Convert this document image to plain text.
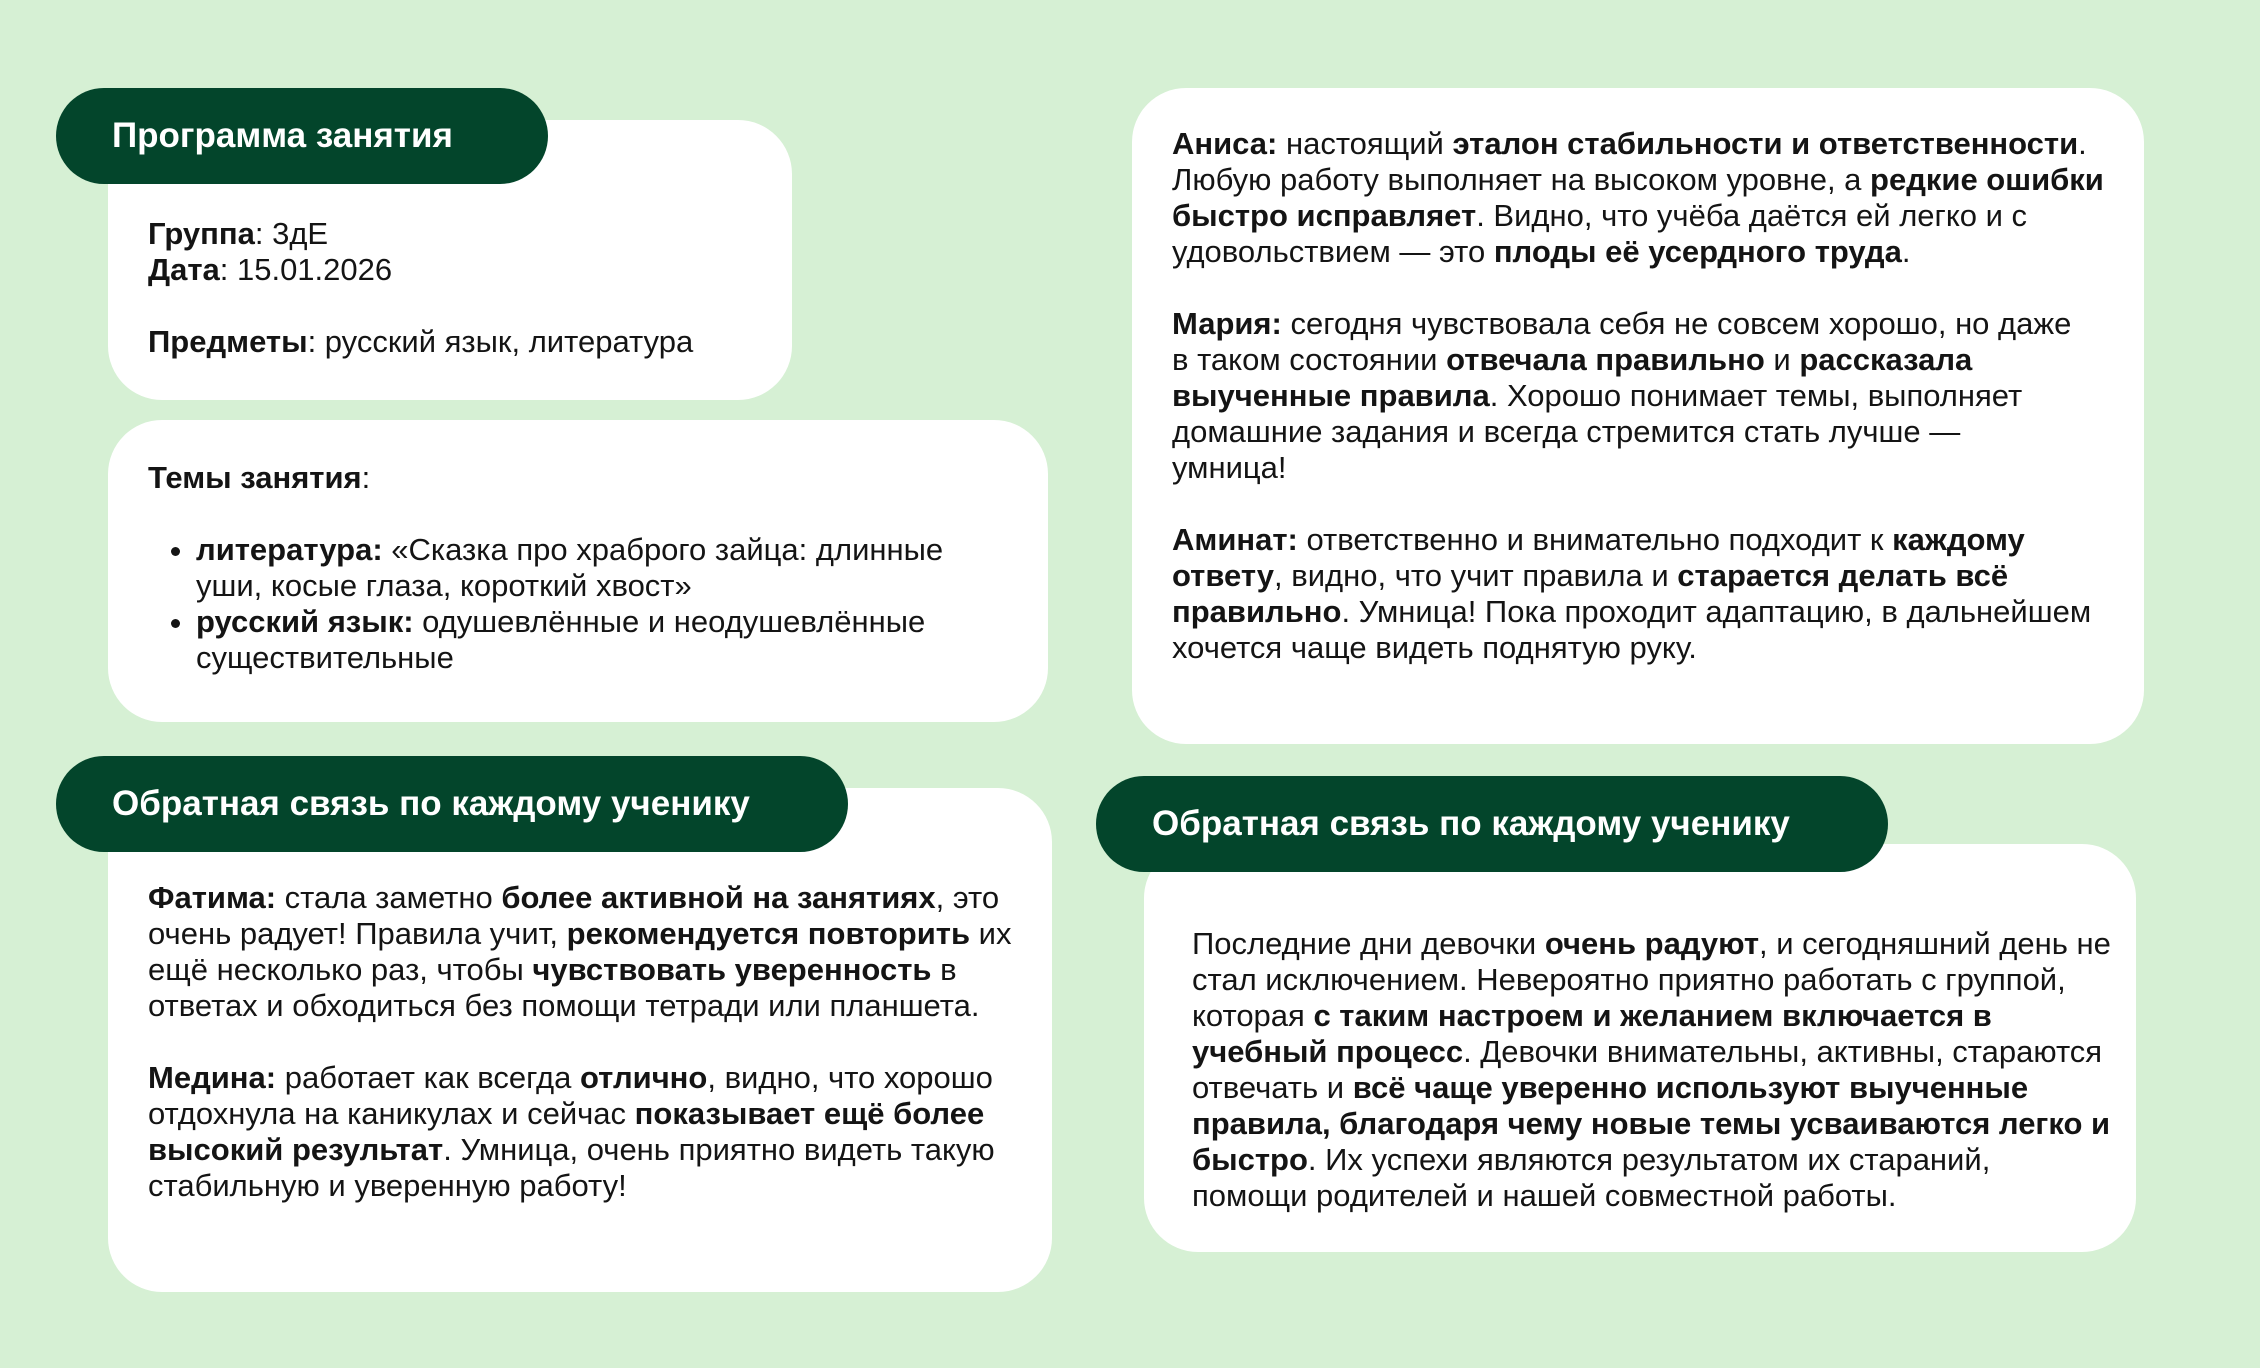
Группа: 3дЕ

Дата: 15.01.2026

Предметы: русский язык, литература

Программа занятия

Темы занятия:

• литература: «Сказка про храброго зайца: длинные уши, косые глаза, короткий хвост»
• русский язык: одушевлённые и неодушевлённые существительные

Фатима: стала заметно более активной на занятиях, это очень радует! Правила учит, рекомендуется повторить их ещё несколько раз, чтобы чувствовать уверенность в ответах и обходиться без помощи тетради или планшета.

Медина: работает как всегда отлично, видно, что хорошо отдохнула на каникулах и сейчас показывает ещё более высокий результат. Умница, очень приятно видеть такую стабильную и уверенную работу!

Обратная связь по каждому ученику

Аниса: настоящий эталон стабильности и ответственности. Любую работу выполняет на высоком уровне, а редкие ошибки быстро исправляет. Видно, что учёба даётся ей легко и с удовольствием — это плоды её усердного труда.

Мария: сегодня чувствовала себя не совсем хорошо, но даже в таком состоянии отвечала правильно и рассказала выученные правила. Хорошо понимает темы, выполняет домашние задания и всегда стремится стать лучше — умница!

Аминат: ответственно и внимательно подходит к каждому ответу, видно, что учит правила и старается делать всё правильно. Умница! Пока проходит адаптацию, в дальнейшем хочется чаще видеть поднятую руку.

Последние дни девочки очень радуют, и сегодняшний день не стал исключением. Невероятно приятно работать с группой, которая с таким настроем и желанием включается в учебный процесс. Девочки внимательны, активны, стараются отвечать и всё чаще уверенно используют выученные правила, благодаря чему новые темы усваиваются легко и быстро. Их успехи являются результатом их стараний, помощи родителей и нашей совместной работы.

Обратная связь по каждому ученику
